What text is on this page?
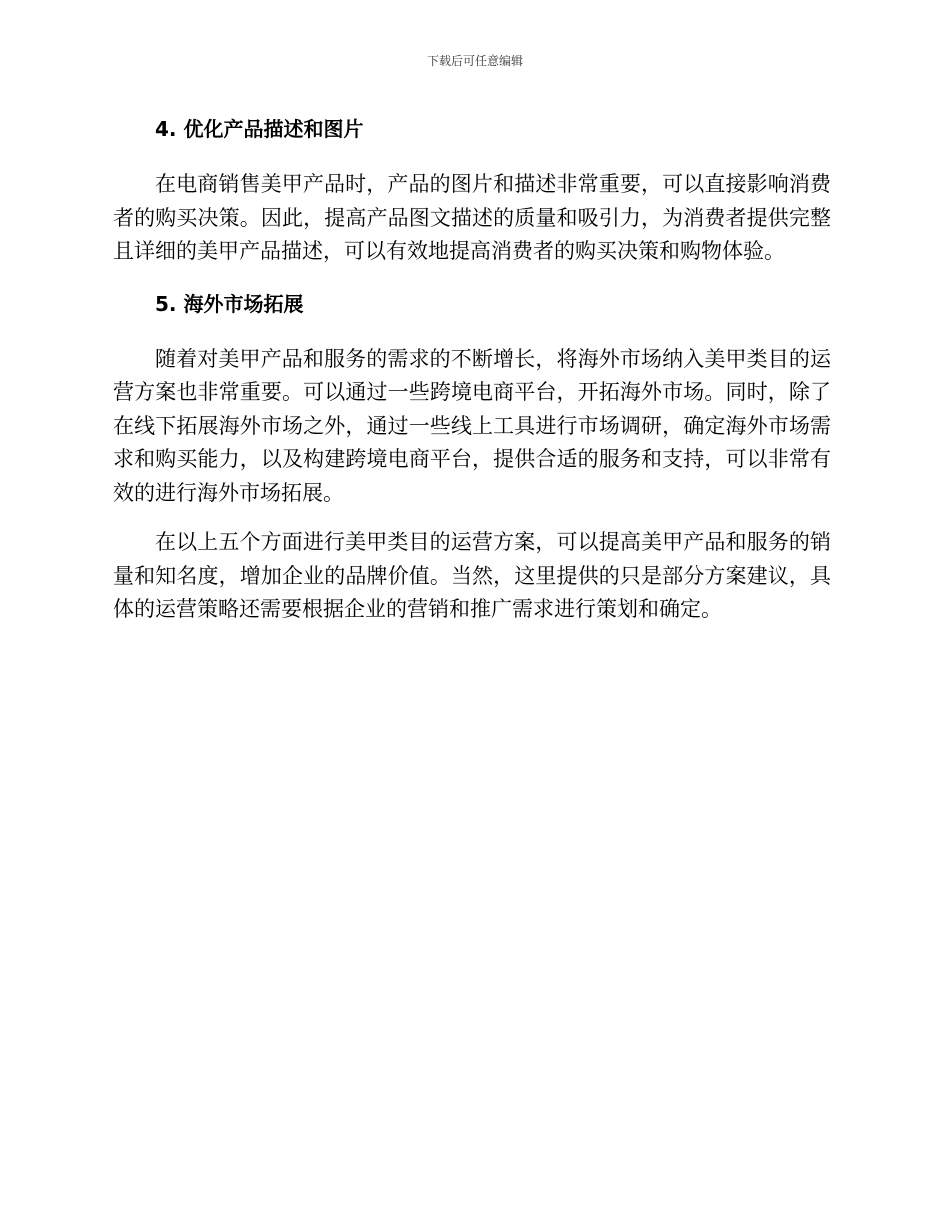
下载后可任意编辑
4. 优化产品描述和图片

在电商销售美甲产品时，产品的图片和描述非常重要，可以直接影响消费者的购买决策。因此，提高产品图文描述的质量和吸引力，为消费者提供完整且详细的美甲产品描述，可以有效地提高消费者的购买决策和购物体验。

5. 海外市场拓展

随着对美甲产品和服务的需求的不断增长，将海外市场纳入美甲类目的运营方案也非常重要。可以通过一些跨境电商平台，开拓海外市场。同时，除了在线下拓展海外市场之外，通过一些线上工具进行市场调研，确定海外市场需求和购买能力，以及构建跨境电商平台，提供合适的服务和支持，可以非常有效的进行海外市场拓展。

在以上五个方面进行美甲类目的运营方案，可以提高美甲产品和服务的销量和知名度，增加企业的品牌价值。当然，这里提供的只是部分方案建议，具体的运营策略还需要根据企业的营销和推广需求进行策划和确定。
